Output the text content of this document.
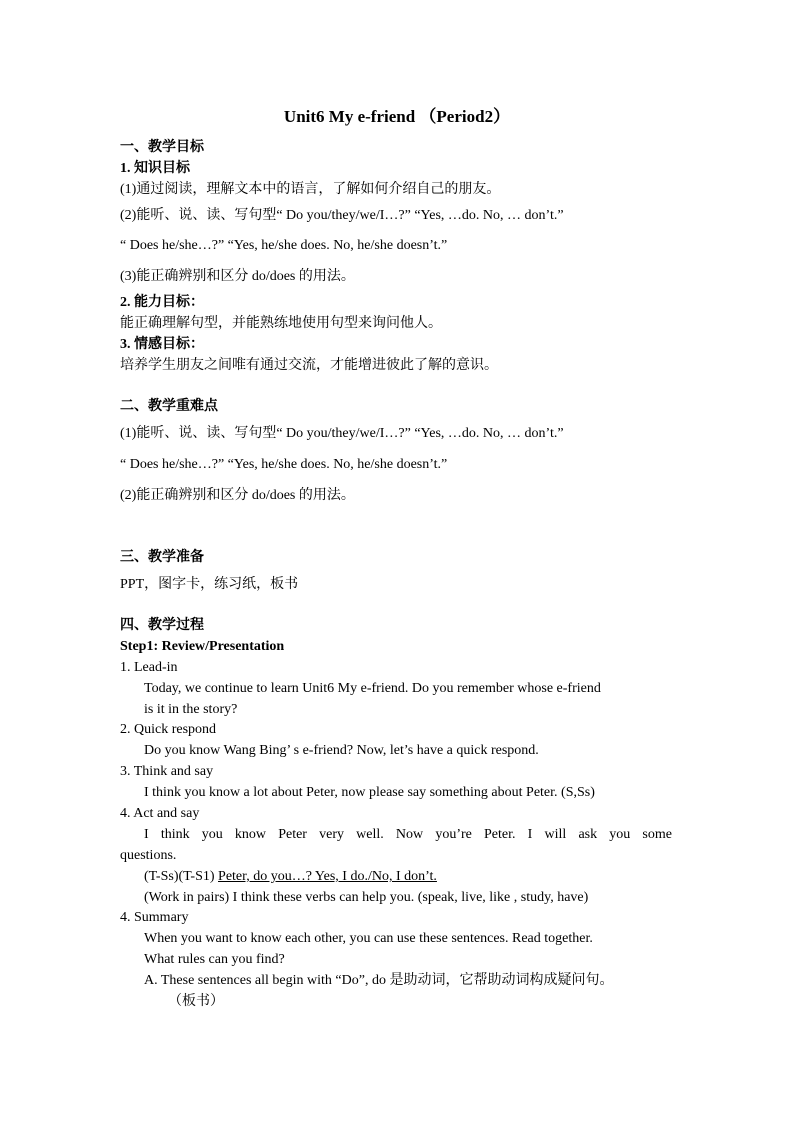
Unit6 My e-friend （Period2）
一、教学目标
1. 知识目标
(1)通过阅读，理解文本中的语言，了解如何介绍自己的朋友。
(2)能听、说、读、写句型“ Do you/they/we/I…?” “Yes, …do. No, … don’t.”
“ Does he/she…?” “Yes, he/she does. No, he/she doesn’t.”
(3)能正确辨别和区分 do/does 的用法。
2. 能力目标：
能正确理解句型，并能熟练地使用句型来询问他人。
3. 情感目标：
培养学生朋友之间唯有通过交流，才能增进彼此了解的意识。
二、教学重难点
(1)能听、说、读、写句型“ Do you/they/we/I…?” “Yes, …do. No, … don’t.”
“ Does he/she…?” “Yes, he/she does. No, he/she doesn’t.”
(2)能正确辨别和区分 do/does 的用法。
三、教学准备
PPT，图字卡，练习纸，板书
四、教学过程
Step1: Review/Presentation
1. Lead-in
Today, we continue to learn Unit6 My e-friend. Do you remember whose e-friend
is it in the story?
2. Quick respond
Do you know Wang Bing’ s e-friend? Now, let’s have a quick respond.
3. Think and say
I think you know a lot about Peter, now please say something about Peter. (S,Ss)
4. Act and say
I think you know Peter very well. Now you’re Peter. I will ask you some
questions.
(T-Ss)(T-S1) Peter, do you…? Yes, I do./No, I don’t.
(Work in pairs) I think these verbs can help you. (speak, live, like , study, have)
4. Summary
When you want to know each other, you can use these sentences. Read together.
What rules can you find?
A. These sentences all begin with “Do”, do 是助动词，它帮助动词构成疑问句。
（板书）
